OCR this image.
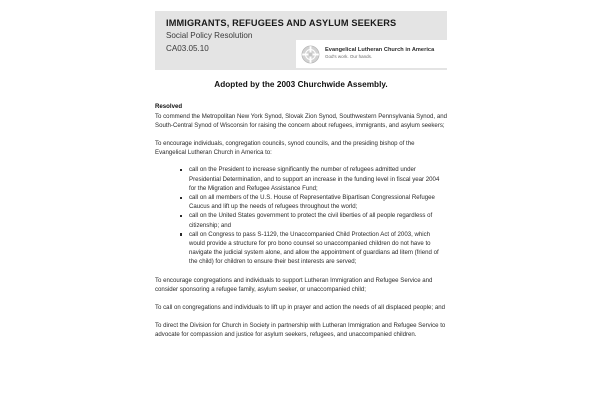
IMMIGRANTS, REFUGEES AND ASYLUM SEEKERS
Social Policy Resolution
CA03.05.10	Evangelical Lutheran Church in America
God's work. Our hands.
Adopted by the 2003 Churchwide Assembly.
Resolved

To commend the Metropolitan New York Synod, Slovak Zion Synod, Southwestern Pennsylvania Synod, and South-Central Synod of Wisconsin for raising the concern about refugees, immigrants, and asylum seekers;

To encourage individuals, congregation councils, synod councils, and the presiding bishop of the Evangelical Lutheran Church in America to:

call on the President to increase significantly the number of refugees admitted under Presidential Determination, and to support an increase in the funding level in fiscal year 2004 for the Migration and Refugee Assistance Fund;
call on all members of the U.S. House of Representative Bipartisan Congressional Refugee Caucus and lift up the needs of refugees throughout the world;
call on the United States government to protect the civil liberties of all people regardless of citizenship; and
call on Congress to pass S-1129, the Unaccompanied Child Protection Act of 2003, which would provide a structure for pro bono counsel so unaccompanied children do not have to navigate the judicial system alone, and allow the appointment of guardians ad litem (friend of the child) for children to ensure their best interests are served;

To encourage congregations and individuals to support Lutheran Immigration and Refugee Service and consider sponsoring a refugee family, asylum seeker, or unaccompanied child;

To call on congregations and individuals to lift up in prayer and action the needs of all displaced people; and

To direct the Division for Church in Society in partnership with Lutheran Immigration and Refugee Service to advocate for compassion and justice for asylum seekers, refugees, and unaccompanied children.
